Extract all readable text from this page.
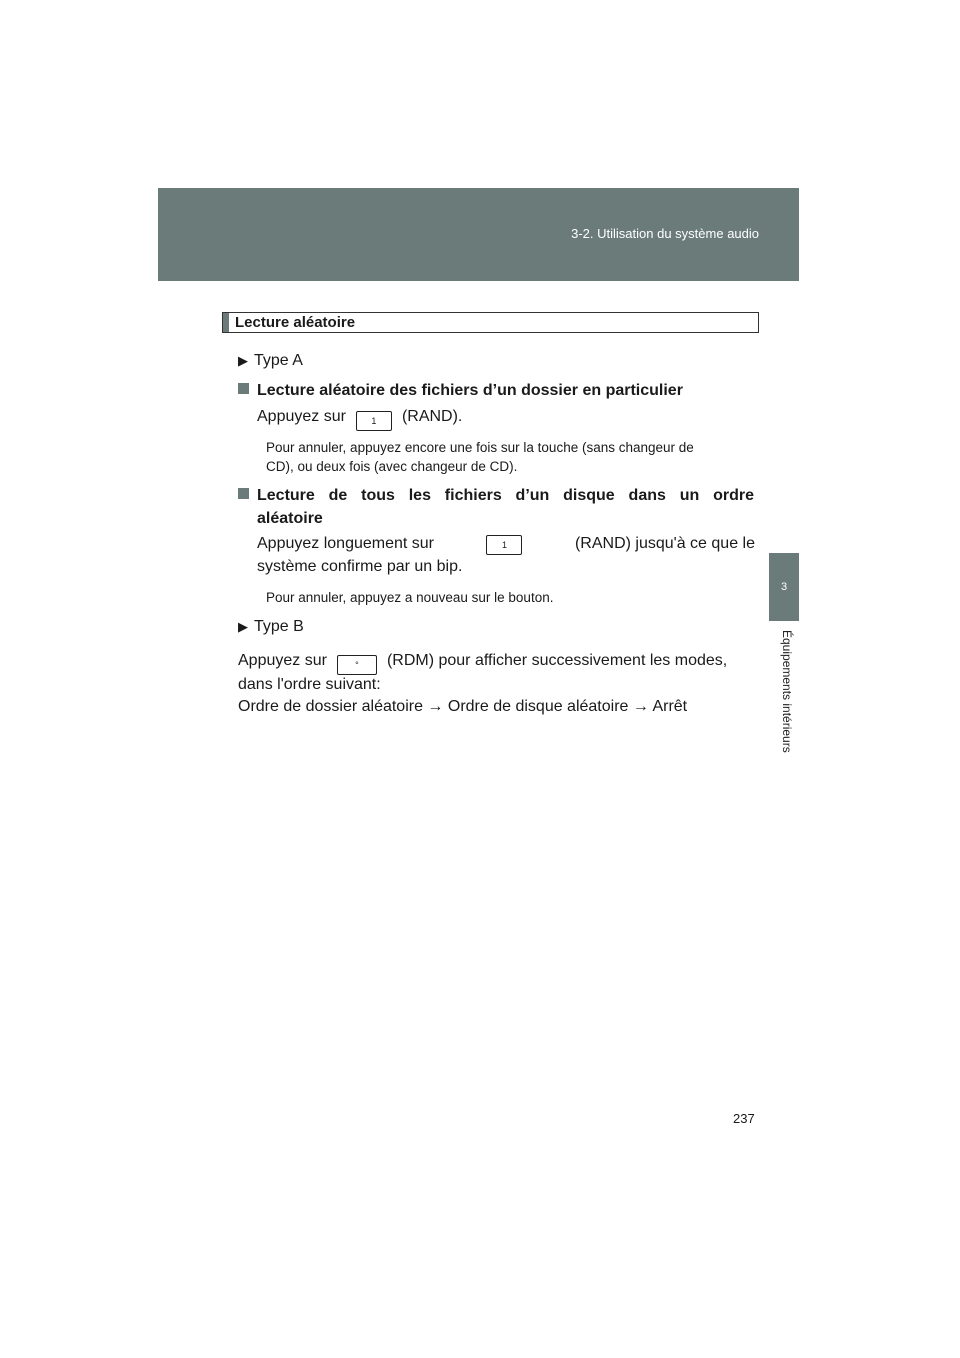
3-2. Utilisation du système audio
3
Équipements intérieurs
Lecture aléatoire
▶ Type A
Lecture aléatoire des fichiers d’un dossier en particulier
Appuyez sur	1 (RAND).
Pour annuler, appuyez encore une fois sur la touche (sans changeur de
CD), ou deux fois (avec changeur de CD).
Lecture de tous les fichiers d’un disque dans un ordre
aléatoire
Appuyez longuement sur	1	(RAND) jusqu'à ce que le
système confirme par un bip.
Pour annuler, appuyez a nouveau sur le bouton.
▶ Type B
Appuyez sur	° (RDM) pour afficher successivement les modes,
dans l'ordre suivant:
Ordre de dossier aléatoire → Ordre de disque aléatoire → Arrêt
237
